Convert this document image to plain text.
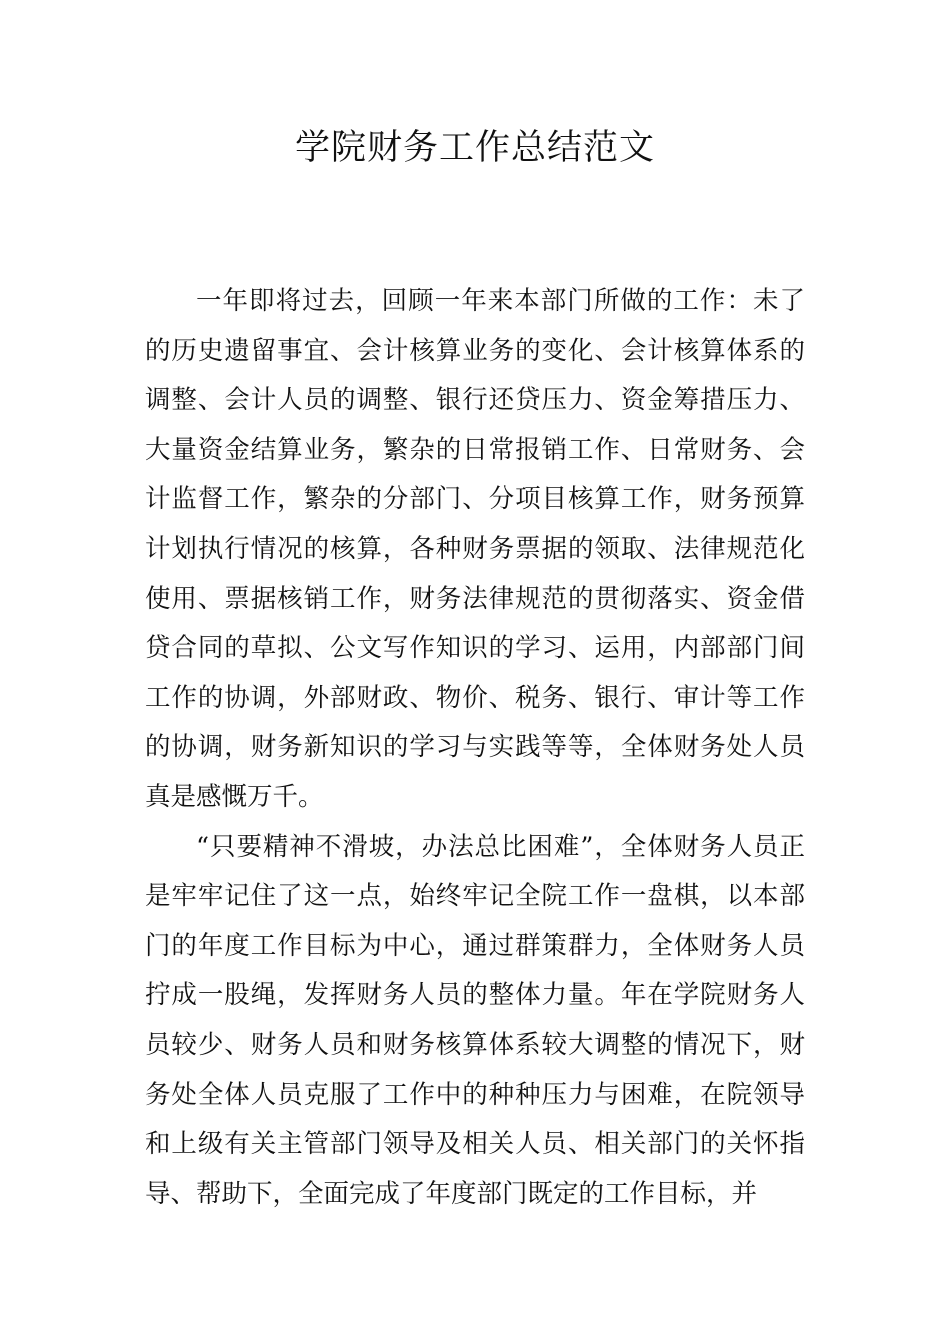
学院财务工作总结范文

一年即将过去，回顾一年来本部门所做的工作：未了的历史遗留事宜、会计核算业务的变化、会计核算体系的调整、会计人员的调整、银行还贷压力、资金筹措压力、大量资金结算业务，繁杂的日常报销工作、日常财务、会计监督工作，繁杂的分部门、分项目核算工作，财务预算计划执行情况的核算，各种财务票据的领取、法律规范化使用、票据核销工作，财务法律规范的贯彻落实、资金借贷合同的草拟、公文写作知识的学习、运用，内部部门间工作的协调，外部财政、物价、税务、银行、审计等工作的协调，财务新知识的学习与实践等等，全体财务处人员真是感慨万千。

“只要精神不滑坡，办法总比困难”，全体财务人员正是牢牢记住了这一点，始终牢记全院工作一盘棋，以本部门的年度工作目标为中心，通过群策群力，全体财务人员拧成一股绳，发挥财务人员的整体力量。年在学院财务人员较少、财务人员和财务核算体系较大调整的情况下，财务处全体人员克服了工作中的种种压力与困难，在院领导和上级有关主管部门领导及相关人员、相关部门的关怀指导、帮助下，全面完成了年度部门既定的工作目标，并
